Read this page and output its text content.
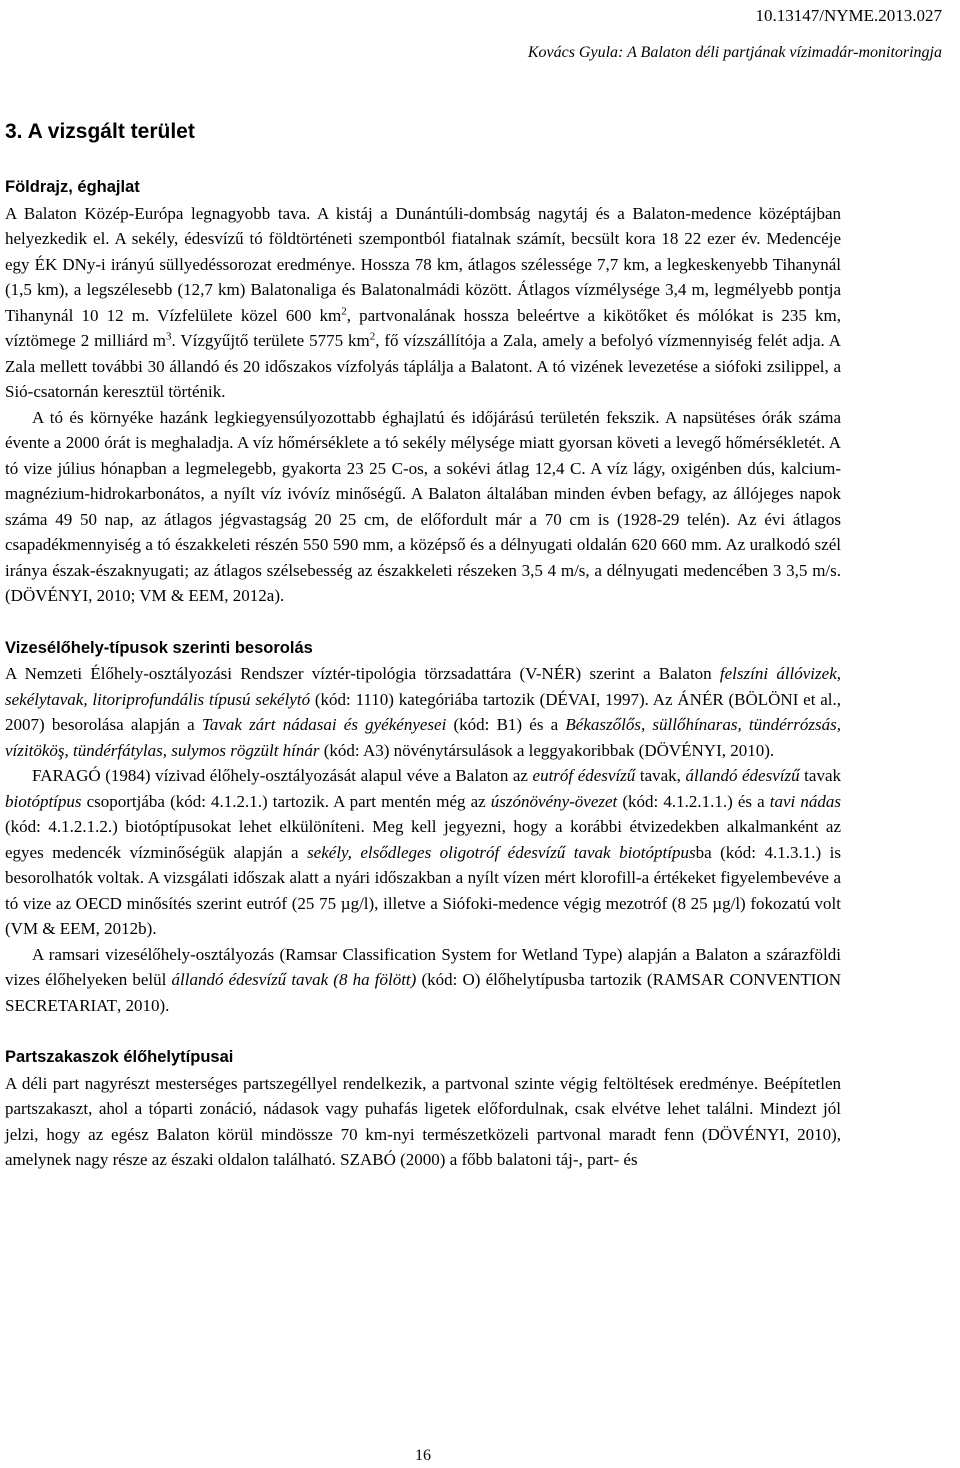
10.13147/NYME.2013.027
Kovács Gyula: A Balaton déli partjának vízimadár-monitoringja
3. A vizsgált terület
Földrajz, éghajlat

A Balaton Közép-Európa legnagyobb tava. A kistáj a Dunántúli-dombság nagytáj és a Balaton-medence középtájban helyezkedik el. A sekély, édesvízű tó földtörténeti szempontból fiatalnak számít, becsült kora 18 22 ezer év. Medencéje egy ÉK DNy-i irányú süllyedéssorozat eredménye. Hossza 78 km, átlagos szélessége 7,7 km, a legkeskenyebb Tihanynál (1,5 km), a legszélesebb (12,7 km) Balatonaliga és Balatonalmádi között. Átlagos vízmélysége 3,4 m, legmélyebb pontja Tihanynál 10 12 m. Vízfelülete közel 600 $km^2$, partvonalának hossza beleértve a kikötőket és mólókat is 235 km, víztömege 2 milliárd $m^3$. Vízgyűjtő területe 5775 $km^2$, fő vízszállítója a Zala, amely a befolyó vízmennyiség felét adja. A Zala mellett további 30 állandó és 20 időszakos vízfolyás táplálja a Balatont. A tó vizének levezetése a siófoki zsilippel, a Sió-csatornán keresztül történik.

A tó és környéke hazánk legkiegyensúlyozottabb éghajlatú és időjárású területén fekszik. A napsütéses órák száma évente a 2000 órát is meghaladja. A víz hőmérséklete a tó sekély mélysége miatt gyorsan követi a levegő hőmérsékletét. A tó vize július hónapban a legmelegebb, gyakorta 23 25 C-os, a sokévi átlag 12,4 C. A víz lágy, oxigénben dús, kalcium-magnézium-hidrokarbonátos, a nyílt víz ivóvíz minőségű. A Balaton általában minden évben befagy, az állójeges napok száma 49 50 nap, az átlagos jégvastagság 20 25 cm, de előfordult már a 70 cm is (1928-29 telén). Az évi átlagos csapadékmennyiség a tó északkeleti részén 550 590 mm, a középső és a délnyugati oldalán 620 660 mm. Az uralkodó szél iránya észak-északnyugati; az átlagos szélsebesség az északkeleti részeken 3,5 4 m/s, a délnyugati medencében 3 3,5 m/s. (DÖVÉNYI, 2010; VM & EEM, 2012a).

Vizesélőhely-típusok szerinti besorolás

A Nemzeti Élőhely-osztályozási Rendszer víztér-tipológia törzsadattára (V-NÉR) szerint a Balaton felszíni állóvizek, sekélytavak, litoriprofundális típusú sekélytó (kód: 1110) kategóriába tartozik (DÉVAI, 1997). Az ÁNÉR (BÖLÖNI et al., 2007) besorolása alapján a Tavak zárt nádasai és gyékényesei (kód: B1) és a Békaszőlős, süllőhínaras, tündérrózsás, vízitököş, tündérfátylas, sulymos rögzült hínár (kód: A3) növénytársulások a leggyakoribbak (DÖVÉNYI, 2010).

FARAGÓ (1984) vízivad élőhely-osztályozását alapul véve a Balaton az eutróf édesvízű tavak, állandó édesvízű tavak biotóptípus csoportjába (kód: 4.1.2.1.) tartozik. A part mentén még az úszónövény-övezet (kód: 4.1.2.1.1.) és a tavi nádas (kód: 4.1.2.1.2.) biotóptípusokat lehet elkülöníteni. Meg kell jegyezni, hogy a korábbi étvizedekben alkalmanként az egyes medencék vízminőségük alapján a sekély, elsődleges oligotróf édesvízű tavak biotóptípusba (kód: 4.1.3.1.) is besorolhatók voltak. A vizsgálati időszak alatt a nyári időszakban a nyílt vízen mért klorofill-a értékeket figyelembevéve a tó vize az OECD minősítés szerint eutróf (25 75 µg/l), illetve a Siófoki-medence végig mezotróf (8 25 µg/l) fokozatú volt (VM & EEM, 2012b).

A ramsari vizesélőhely-osztályozás (Ramsar Classification System for Wetland Type) alapján a Balaton a szárazföldi vizes élőhelyeken belül állandó édesvízű tavak (8 ha fölött) (kód: O) élőhelytípusba tartozik (RAMSAR CONVENTION SECRETARIAT, 2010).

Partszakaszok élőhelytípusai

A déli part nagyrészt mesterséges partszegéllyel rendelkezik, a partvonal szinte végig feltöltések eredménye. Beépítetlen partszakaszt, ahol a tóparti zonáció, nádasok vagy puhafás ligetek előfordulnak, csak elvétve lehet találni. Mindezt jól jelzi, hogy az egész Balaton körül mindössze 70 km-nyi természetközeli partvonal maradt fenn (DÖVÉNYI, 2010), amelynek nagy része az északi oldalon található. SZABÓ (2000) a főbb balatoni táj-, part- és

16
